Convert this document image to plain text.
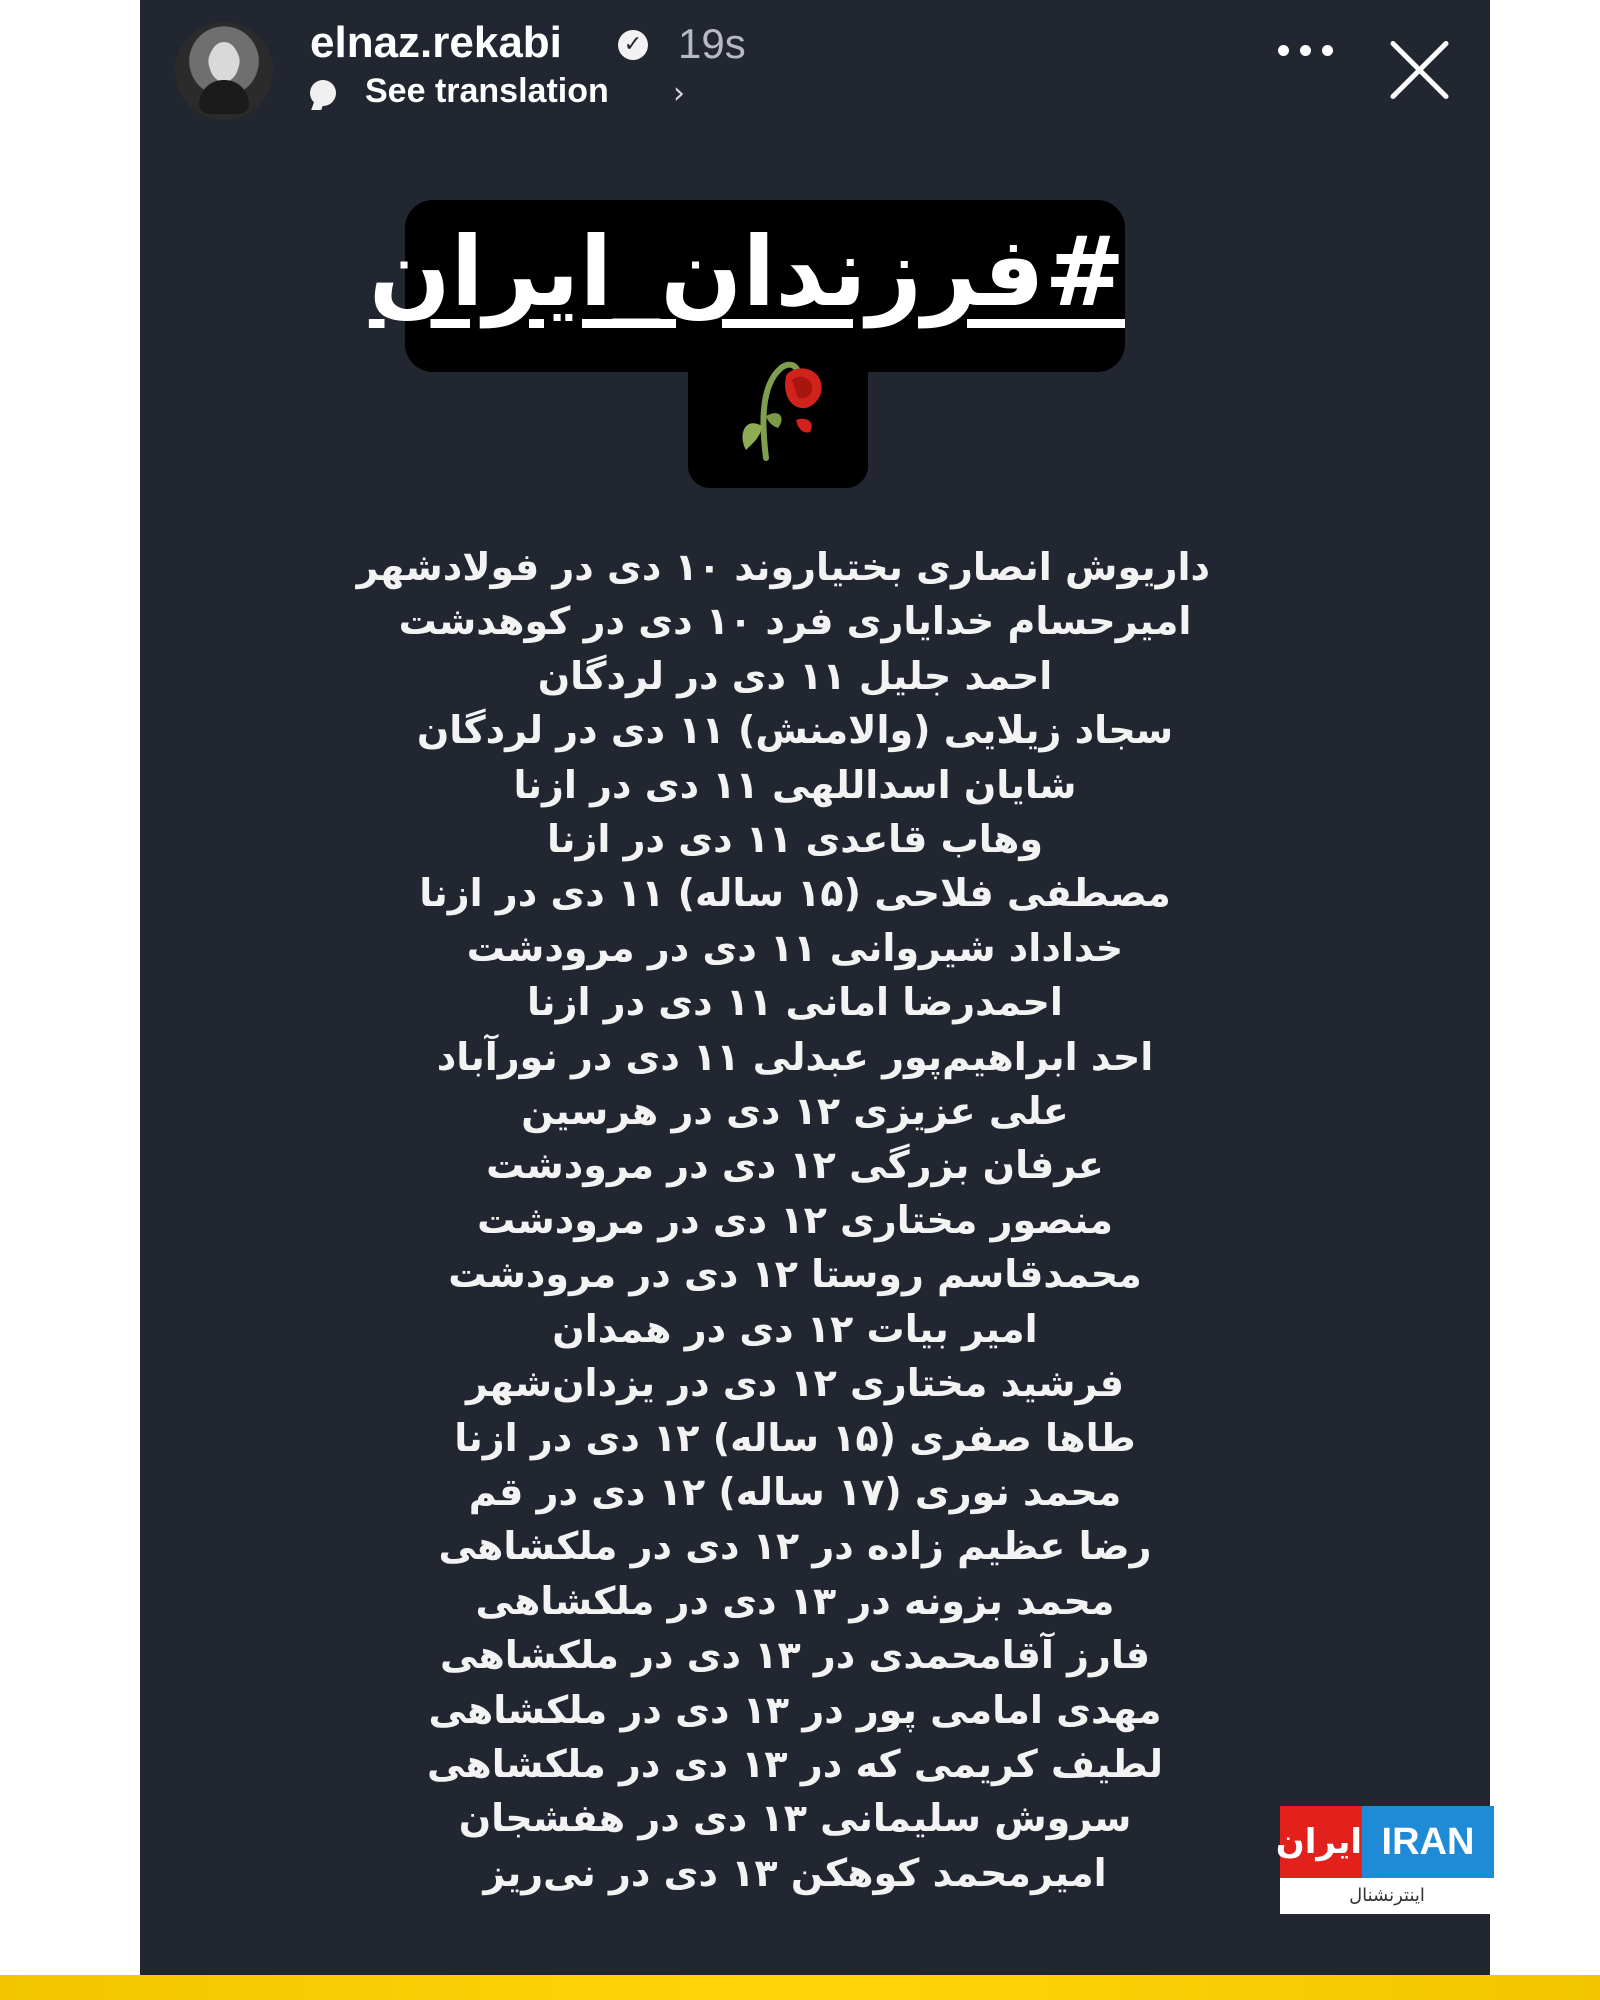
elnaz.rekabi	✓ 19s
See translation ›
#فرزندان_ایران
داریوش انصاری بختیاروند ۱۰ دی در فولادشهر
امیرحسام خدایاری فرد ۱۰ دی در کوهدشت
احمد جلیل ۱۱ دی در لردگان
سجاد زیلایی (والامنش) ۱۱ دی در لردگان
شایان اسداللهی ۱۱ دی در ازنا
وهاب قاعدی ۱۱ دی در ازنا
مصطفی فلاحی (۱۵ ساله) ۱۱ دی در ازنا
خداداد شیروانی ۱۱ دی در مرودشت
احمدرضا امانی ۱۱ دی در ازنا
احد ابراهیم‌پور عبدلی ۱۱ دی در نورآباد
علی عزیزی ۱۲ دی در هرسین
عرفان بزرگی ۱۲ دی در مرودشت
منصور مختاری ۱۲ دی در مرودشت
محمدقاسم روستا ۱۲ دی در مرودشت
امیر بیات ۱۲ دی در همدان
فرشید مختاری ۱۲ دی در یزدان‌شهر
طاها صفری (۱۵ ساله) ۱۲ دی در ازنا
محمد نوری (۱۷ ساله) ۱۲ دی در قم
رضا عظیم زاده در ۱۲ دی در ملکشاهی
محمد بزونه در ۱۳ دی در ملکشاهی
فارز آقامحمدی در ۱۳ دی در ملکشاهی
مهدی امامی پور در ۱۳ دی در ملکشاهی
لطیف کریمی که در ۱۳ دی در ملکشاهی
سروش سلیمانی ۱۳ دی در هفشجان
امیرمحمد کوهکن ۱۳ دی در نی‌ریز
ایران IRAN
اینترنشنال
